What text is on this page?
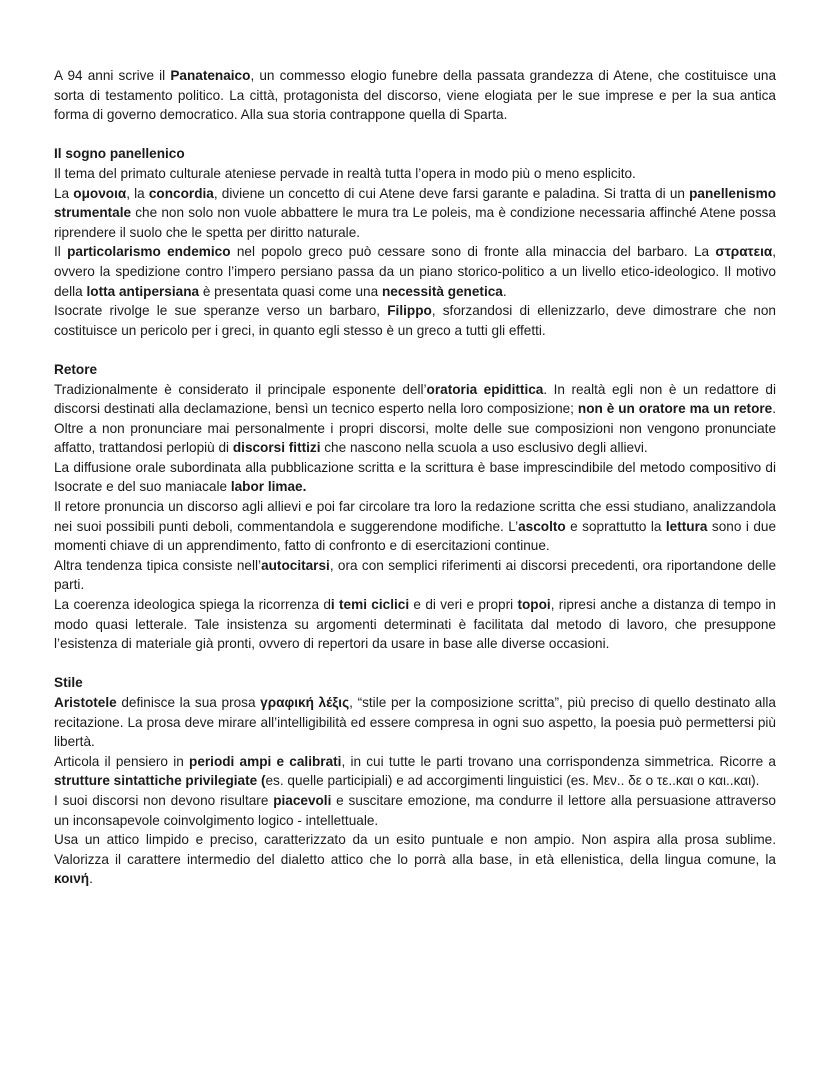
A 94 anni scrive il Panatenaico, un commesso elogio funebre della passata grandezza di Atene, che costituisce una sorta di testamento politico. La città, protagonista del discorso, viene elogiata per le sue imprese e per la sua antica forma di governo democratico. Alla sua storia contrappone quella di Sparta.

Il sogno panellenico

Il tema del primato culturale ateniese pervade in realtà tutta l’opera in modo più o meno esplicito.

La ομονοια, la concordia, diviene un concetto di cui Atene deve farsi garante e paladina. Si tratta di un panellenismo strumentale che non solo non vuole abbattere le mura tra Le poleis, ma è condizione necessaria affinché Atene possa riprendere il suolo che le spetta per diritto naturale.

Il particolarismo endemico nel popolo greco può cessare sono di fronte alla minaccia del barbaro. La στρατεια, ovvero la spedizione contro l’impero persiano passa da un piano storico-politico a un livello etico-ideologico. Il motivo della lotta antipersiana è presentata quasi come una necessità genetica.

Isocrate rivolge le sue speranze verso un barbaro, Filippo, sforzandosi di ellenizzarlo, deve dimostrare che non costituisce un pericolo per i greci, in quanto egli stesso è un greco a tutti gli effetti.

Retore

Tradizionalmente è considerato il principale esponente dell’oratoria epidittica. In realtà egli non è un redattore di discorsi destinati alla declamazione, bensì un tecnico esperto nella loro composizione; non è un oratore ma un retore. Oltre a non pronunciare mai personalmente i propri discorsi, molte delle sue composizioni non vengono pronunciate affatto, trattandosi perlopiù di discorsi fittizi che nascono nella scuola a uso esclusivo degli allievi.

La diffusione orale subordinata alla pubblicazione scritta e la scrittura è base imprescindibile del metodo compositivo di Isocrate e del suo maniacale labor limae.

Il retore pronuncia un discorso agli allievi e poi far circolare tra loro la redazione scritta che essi studiano, analizzandola nei suoi possibili punti deboli, commentandola e suggerendone modifiche. L’ascolto e soprattutto la lettura sono i due momenti chiave di un apprendimento, fatto di confronto e di esercitazioni continue.

Altra tendenza tipica consiste nell’autocitarsi, ora con semplici riferimenti ai discorsi precedenti, ora riportandone delle parti.

La coerenza ideologica spiega la ricorrenza di temi ciclici e di veri e propri topoi, ripresi anche a distanza di tempo in modo quasi letterale. Tale insistenza su argomenti determinati è facilitata dal metodo di lavoro, che presuppone l’esistenza di materiale già pronti, ovvero di repertori da usare in base alle diverse occasioni.

Stile

Aristotele definisce la sua prosa γραφική λέξις, “stile per la composizione scritta”, più preciso di quello destinato alla recitazione. La prosa deve mirare all’intelligibilità ed essere compresa in ogni suo aspetto, la poesia può permettersi più libertà.

Articola il pensiero in periodi ampi e calibrati, in cui tutte le parti trovano una corrispondenza simmetrica. Ricorre a strutture sintattiche privilegiate (es. quelle participiali) e ad accorgimenti linguistici (es. Μεν.. δε o τε..και o και..και).

I suoi discorsi non devono risultare piacevoli e suscitare emozione, ma condurre il lettore alla persuasione attraverso un inconsapevole coinvolgimento logico - intellettuale.

Usa un attico limpido e preciso, caratterizzato da un esito puntuale e non ampio. Non aspira alla prosa sublime. Valorizza il carattere intermedio del dialetto attico che lo porrà alla base, in età ellenistica, della lingua comune, la κοινή.
